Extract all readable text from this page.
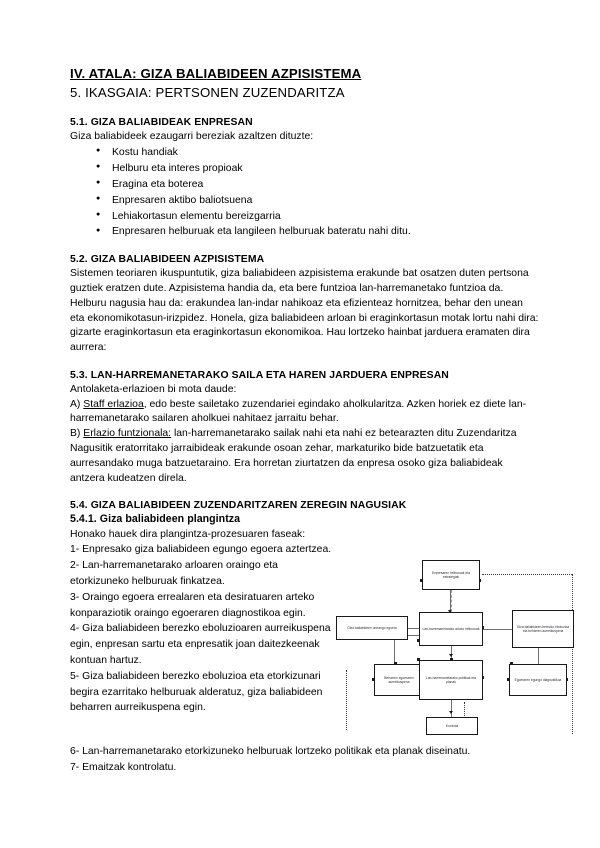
IV. ATALA: GIZA BALIABIDEEN AZPISISTEMA
5. IKASGAIA: PERTSONEN ZUZENDARITZA
5.1. GIZA BALIABIDEAK ENPRESAN

Giza baliabideek ezaugarri bereziak azaltzen dituzte:

● Kostu handiak
● Helburu eta interes propioak
● Eragina eta boterea
● Enpresaren aktibo baliotsuena
● Lehiakortasun elementu bereizgarria
● Enpresaren helburuak eta langileen helburuak bateratu nahi ditu.
5.2. GIZA BALIABIDEEN AZPISISTEMA

Sistemen teoriaren ikuspuntutik, giza baliabideen azpisistema erakunde bat osatzen duten pertsona guztiek eratzen dute. Azpisistema handia da, eta bere funtzioa lan-harremanetako funtzioa da. Helburu nagusia hau da: erakundea lan-indar nahikoaz eta efizienteaz hornitzea, behar den unean eta ekonomikotasun-irizpidez. Honela, giza baliabideen arloan bi eraginkortasun motak lortu nahi dira: gizarte eraginkortasun eta eraginkortasun ekonomikoa. Hau lortzeko hainbat jarduera eramaten dira aurrera:

5.3. LAN-HARREMANETARAKO SAILA ETA HAREN JARDUERA ENPRESAN

Antolaketa-erlazioen bi mota daude:

A) Staff erlazioa, edo beste sailetako zuzendariei egindako aholkularitza. Azken horiek ez diete lan-harremanetarako sailaren aholkuei nahitaez jarraitu behar.

B) Erlazio funtzionala: lan-harremanetarako sailak nahi eta nahi ez betearazten ditu Zuzendaritza Nagusitik eratorritako jarraibideak erakunde osoan zehar, markaturiko bide batzuetatik eta aurresandako muga batzuetaraino. Era horretan ziurtatzen da enpresa osoko giza baliabideak antzera kudeatzen direla.

5.4. GIZA BALIABIDEEN ZUZENDARITZAREN ZEREGIN NAGUSIAK
5.4.1. Giza baliabideen plangintza

Honako hauek dira plangintza-prozesuaren faseak:

1- Enpresako giza baliabideen egungo egoera aztertzea.

2- Lan-harremanetarako arloaren oraingo eta etorkizuneko helburuak finkatzea.

3- Oraingo egoera errealaren eta desiratuaren arteko konparaziotik oraingo egoeraren diagnostikoa egin.

4- Giza baliabideen berezko eboluzioaren aurreikuspena egin, enpresan sartu eta enpresatik joan daitezkeenak kontuan hartuz.

5- Giza baliabideen berezko eboluzioa eta etorkizunari begira ezarritako helburuak alderatuz, giza baliabideen beharren aurreikuspena egin.

Enpresaren helburuak eta estrategiak
Giza baliabideen uneango egoera	Lan-harremanetarako arloko helburuak
Giza baliabideen berezko eboluzioa eta beharren aurreikuspena
Beharren egoeraren aurreikuspena
Lan-harremanetarako politikak eta planak
Egoeraren egungo diagnostikoa
Kontrola

6- Lan-harremanetarako etorkizuneko helburuak lortzeko politikak eta planak diseinatu.

7- Emaitzak kontrolatu.
